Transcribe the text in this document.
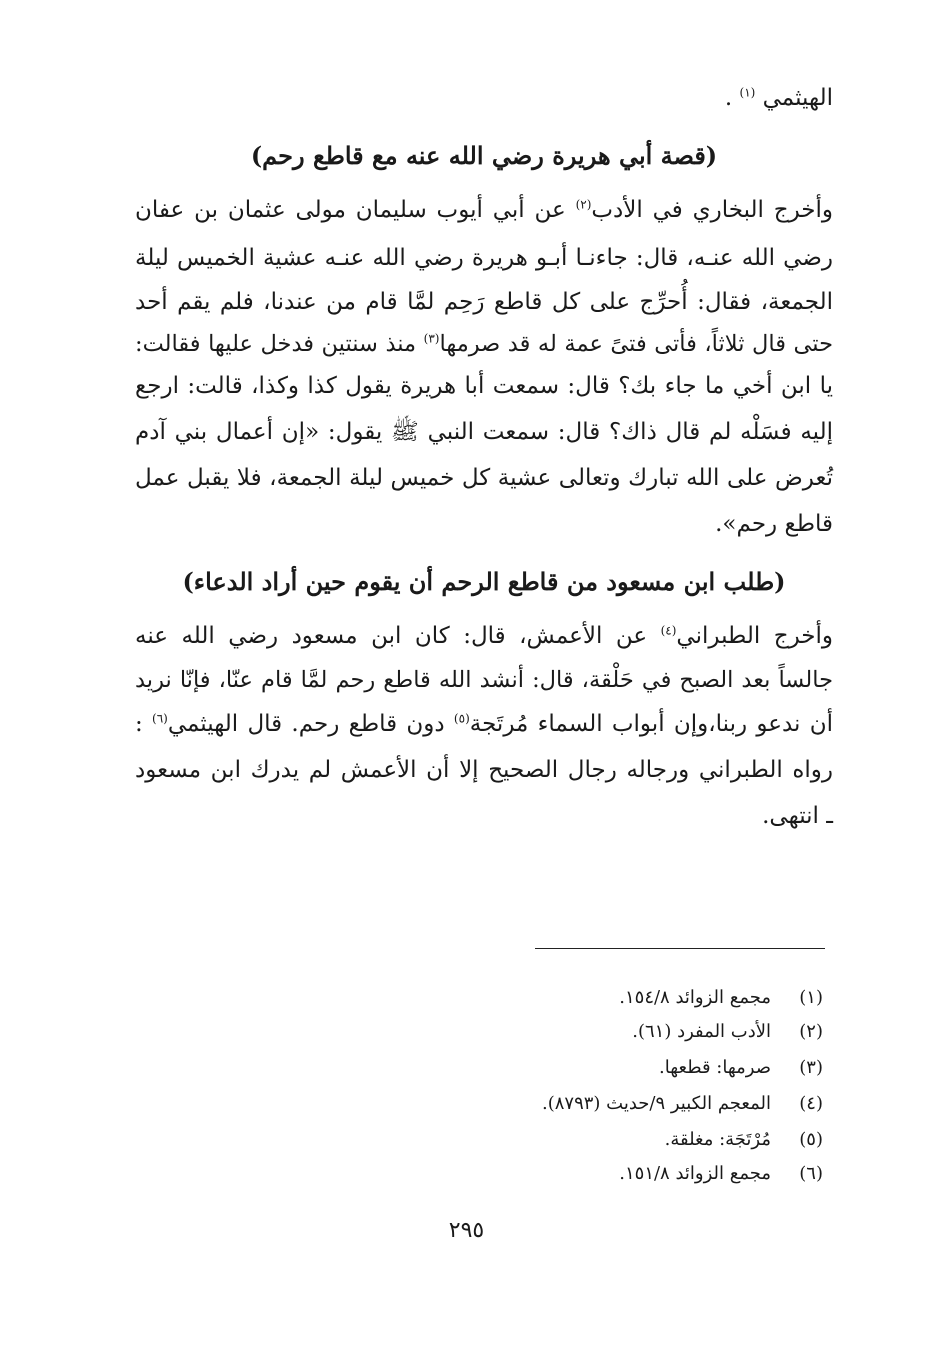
الهيثمي $^{(١)}$ .
(قصة أبي هريرة رضي الله عنه مع قاطع رحم)
وأخرج البخاري في الأدب$^{(٢)}$ عن أبي أيوب سليمان مولى عثمان بن عفان
رضي الله عنـه، قال: جاءنـا أبـو هريرة رضي الله عنـه عشية الخميس ليلة
الجمعة، فقال: أُحرِّج على كل قاطع رَحِم لمَّا قام من عندنا، فلم يقم أحد
حتى قال ثلاثاً، فأتى فتىً عمة له قد صرمها$^{(٣)}$ منذ سنتين فدخل عليها فقالت:
يا ابن أخي ما جاء بك؟ قال: سمعت أبا هريرة يقول كذا وكذا، قالت: ارجع
إليه فسَلْه لم قال ذاك؟ قال: سمعت النبي ﷺ يقول: «إن أعمال بني آدم
تُعرض على الله تبارك وتعالى عشية كل خميس ليلة الجمعة، فلا يقبل عمل
قاطع رحم».
(طلب ابن مسعود من قاطع الرحم أن يقوم حين أراد الدعاء)
وأخرج الطبراني$^{(٤)}$ عن الأعمش، قال: كان ابن مسعود رضي الله عنه
جالساً بعد الصبح في حَلْقة، قال: أنشد الله قاطع رحم لمَّا قام عنّا، فإنّا نريد
أن ندعو ربنا،وإن أبواب السماء مُرتَجة$^{(٥)}$ دون قاطع رحم. قال الهيثمي$^{(٦)}$ :
رواه الطبراني ورجاله رجال الصحيح إلا أن الأعمش لم يدرك ابن مسعود
ـ انتهى.
(١)مجمع الزوائد ١٥٤/٨.
(٢)الأدب المفرد (٦١).
(٣)صرمها: قطعها.
(٤)المعجم الكبير ٩/حديث (٨٧٩٣).
(٥)مُرْتَجَة: مغلقة.
(٦)مجمع الزوائد ١٥١/٨.
٢٩٥
